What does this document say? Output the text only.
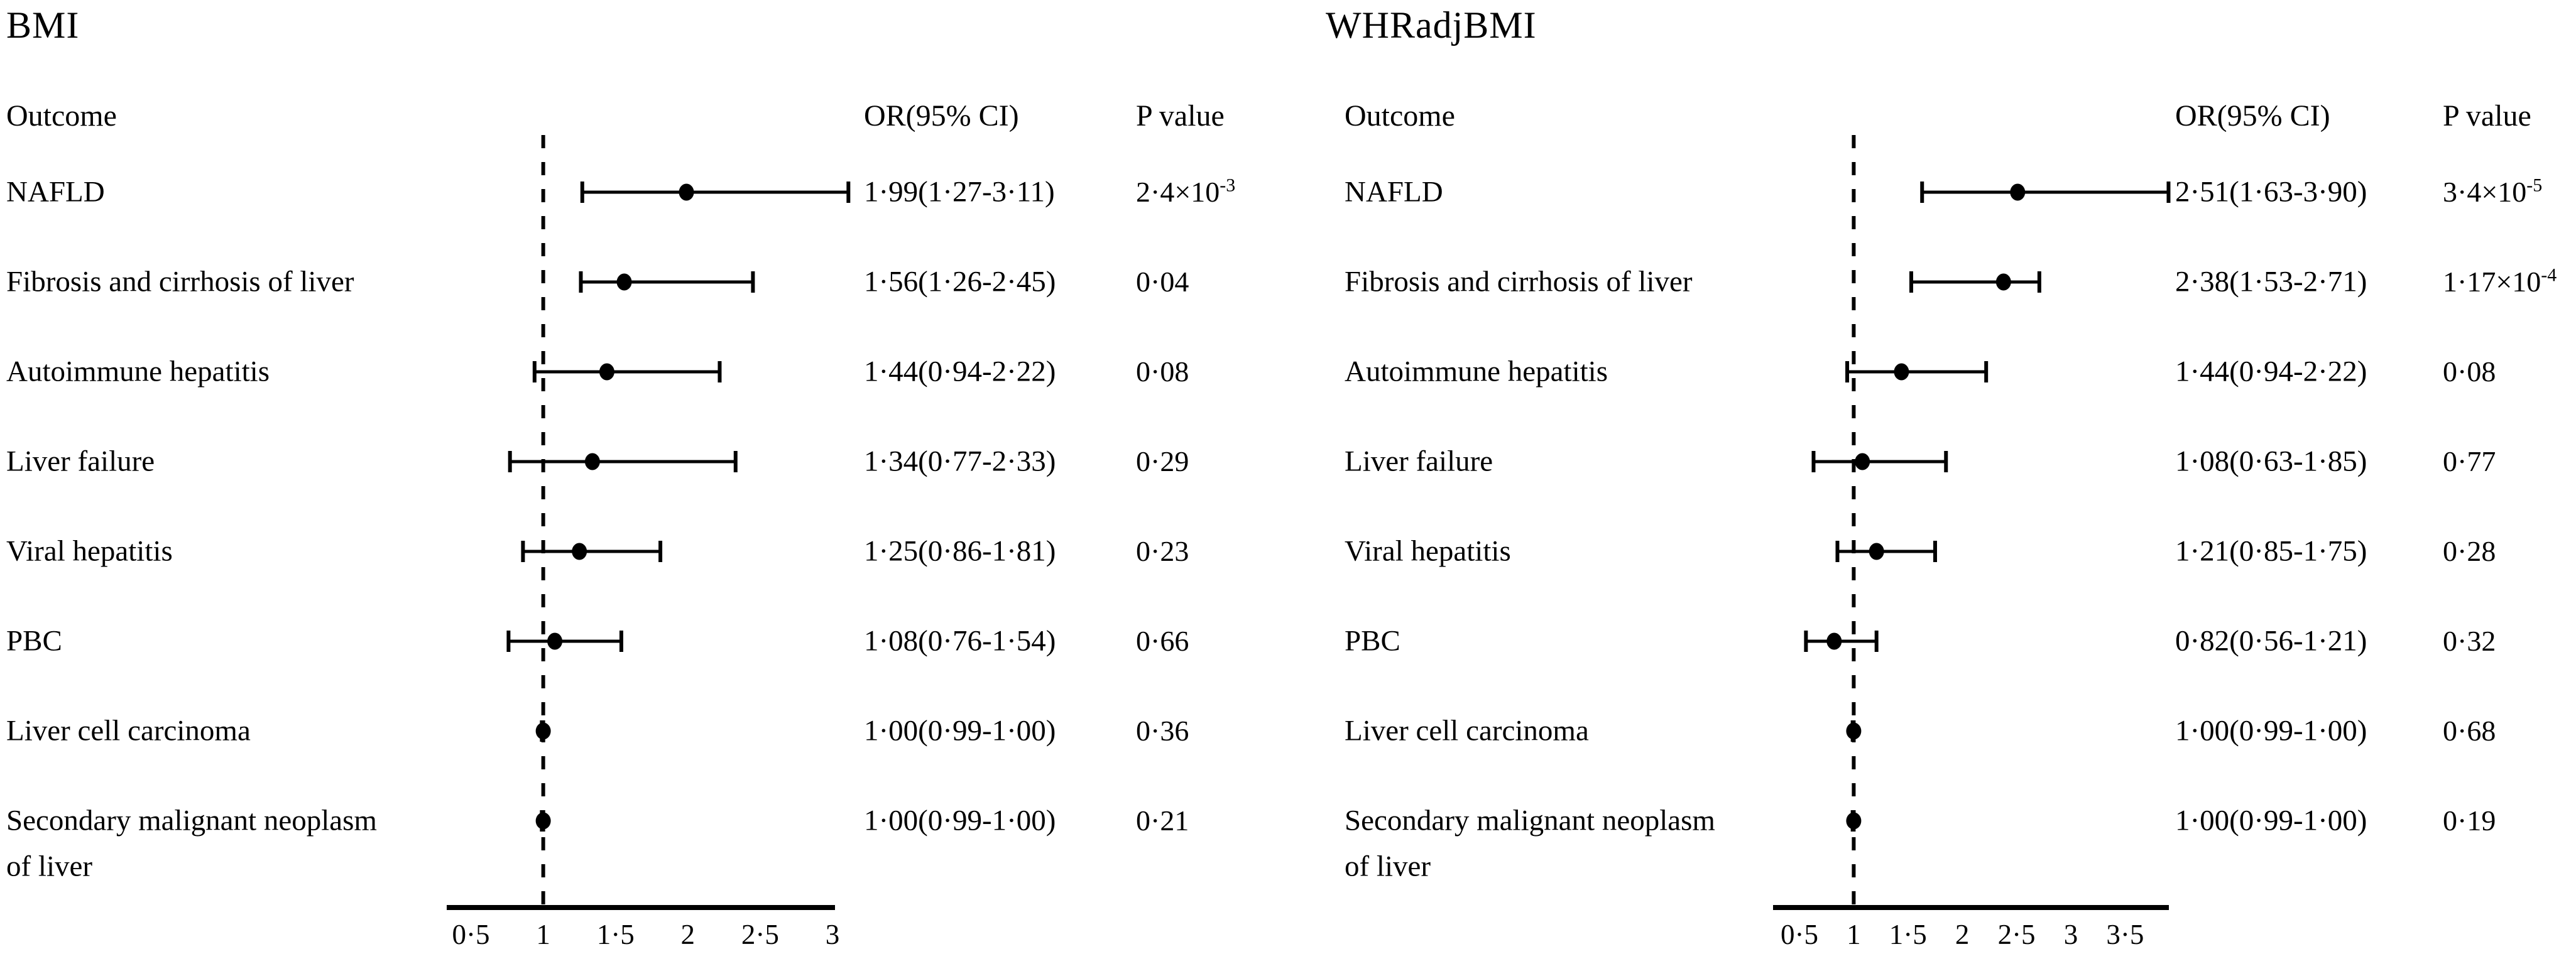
BMI	WHRadjBMI
Outcome	OR(95% CI)	P value	Outcome	OR(95% CI)	P value
NAFLD	1·99(1·27-3·11)	$2\cdot 4\times 10^{-3}$
Fibrosis and cirrhosis of liver	1·56(1·26-2·45)	0·04
Autoimmune hepatitis	1·44(0·94-2·22)	0·08
Liver failure	1·34(0·77-2·33)	0·29
Viral hepatitis	1·25(0·86-1·81)	0·23
PBC	1·08(0·76-1·54)	0·66
Liver cell carcinoma	1·00(0·99-1·00)	0·36
Secondary malignant neoplasm
of liver
1·00(0·99-1·00)	0·21
NAFLD	2·51(1·63-3·90)	$3\cdot 4\times 10^{-5}$
Fibrosis and cirrhosis of liver	2·38(1·53-2·71)	$1\cdot 17\times 10^{-4}$
Autoimmune hepatitis	1·44(0·94-2·22)	0·08
Liver failure	1·08(0·63-1·85)	0·77
Viral hepatitis	1·21(0·85-1·75)	0·28
PBC	0·82(0·56-1·21)	0·32
Liver cell carcinoma	1·00(0·99-1·00)	0·68
Secondary malignant neoplasm
of liver
1·00(0·99-1·00)	0·19
0·5 1 1·5 2 2·5 3	0·5 1 1·5 2 2·5 3 3·5
